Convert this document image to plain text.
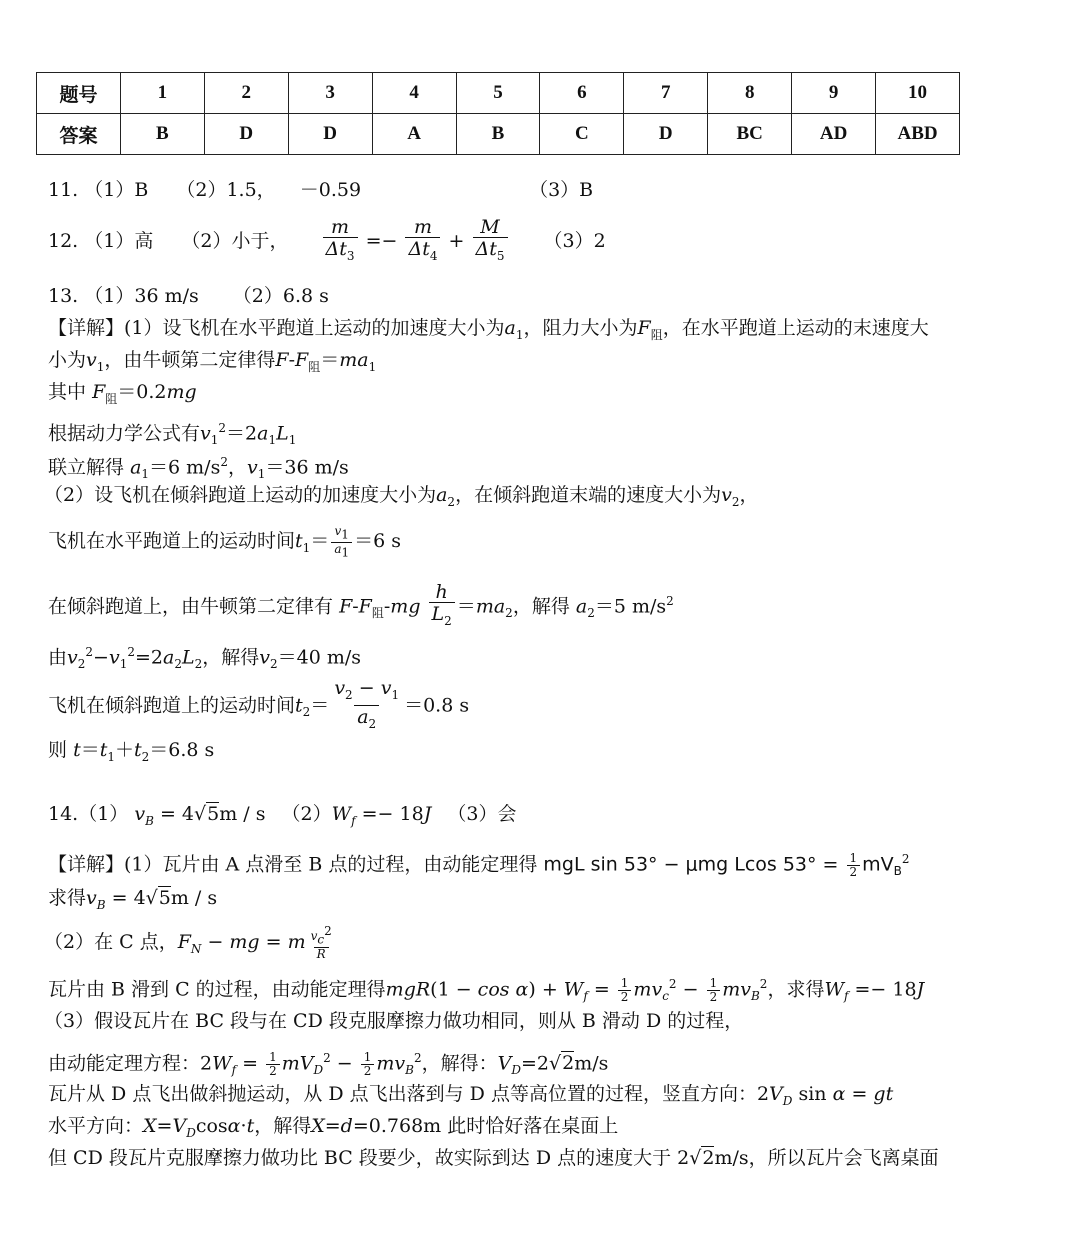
题号	1	2	3	4	5	6	7	8	9	10
答案	B	D	D	A	B	C	D	BC	AD	ABD
11. （1）B （2）1.5， －0.59	（3）B
12. （1）高 （2）小于， $\frac{m}{\Delta t_3} =- \frac{m}{\Delta t_4} + \frac{M}{\Delta t_5} (3)2$
13. （1）36 m/s （2）6.8 s
【详解】(1）设飞机在水平跑道上运动的加速度大小为$a_1$，阻力大小为$F_阻$，在水平跑道上运动的末速度大
小为$v_1$，由牛顿第二定律得$F-F_阻=ma_1$
其中 $F_阻=0.2mg$
根据动力学公式有$v_1^2=2a_1L_1$
联立解得 $a_1=6$ $m/s^2$，$v_1=36$ m/s
（2）设飞机在倾斜跑道上运动的加速度大小为$a_2$，在倾斜跑道末端的速度大小为$v_2$，
飞机在水平跑道上的运动时间$t_1= \frac{v_1}{a_1} =6$ s
在倾斜跑道上，由牛顿第二定律有 $F-F_阻-mg \frac{h}{L_2} =ma_2$，解得 $a_2=5$ $m/s^2$
由$v_2^2-v_1^2=2a_2L_2$，解得$v_2=40$ m/s
飞机在倾斜跑道上的运动时间$t_2= \frac{v_2 - v_1}{a_2} =0.8$ s
则 $t=t_1+t_2=6.8$ s
14.（1） $v_B = 4√5m / s$ $(2)W_f =- 18J$ （3）会
【详解】(1）瓦片由 A 点滑至 B 点的过程，由动能定理得 mgL sin 53° − μmg Lcos $53^\circ = \frac{1}{2} mV_B^2$
求得$v_B = 4√5m / s$
（2）在 C 点，$F_N$ − mg = m $\frac{v_c^2}{R}$
瓦片由 B 滑到 C 的过程，由动能定理得$mgR(1 - \cos \alpha) + W_f = \frac{1}{2} mv_c^2 - \frac{1}{2} mv_B^2$，求得$W_f =- 18J$
（3）假设瓦片在 BC 段与在 CD 段克服摩擦力做功相同，则从 B 滑动 D 的过程，
由动能定理方程：$2W_f = \frac{1}{2} mV_D^2 - \frac{1}{2} mv_B^2$，解得：$V_D=2√2m/s$
瓦片从 D 点飞出做斜抛运动，从 D 点飞出落到与 D 点等高位置的过程，竖直方向：$2V_D$ sin α = gt
水平方向：$X=V_D\cos\alpha\cdot t$，解得X=d=0.768m 此时恰好落在桌面上
但 CD 段瓦片克服摩擦力做功比 BC 段要少，故实际到达 D 点的速度大于 2√2m/s，所以瓦片会飞离桌面
